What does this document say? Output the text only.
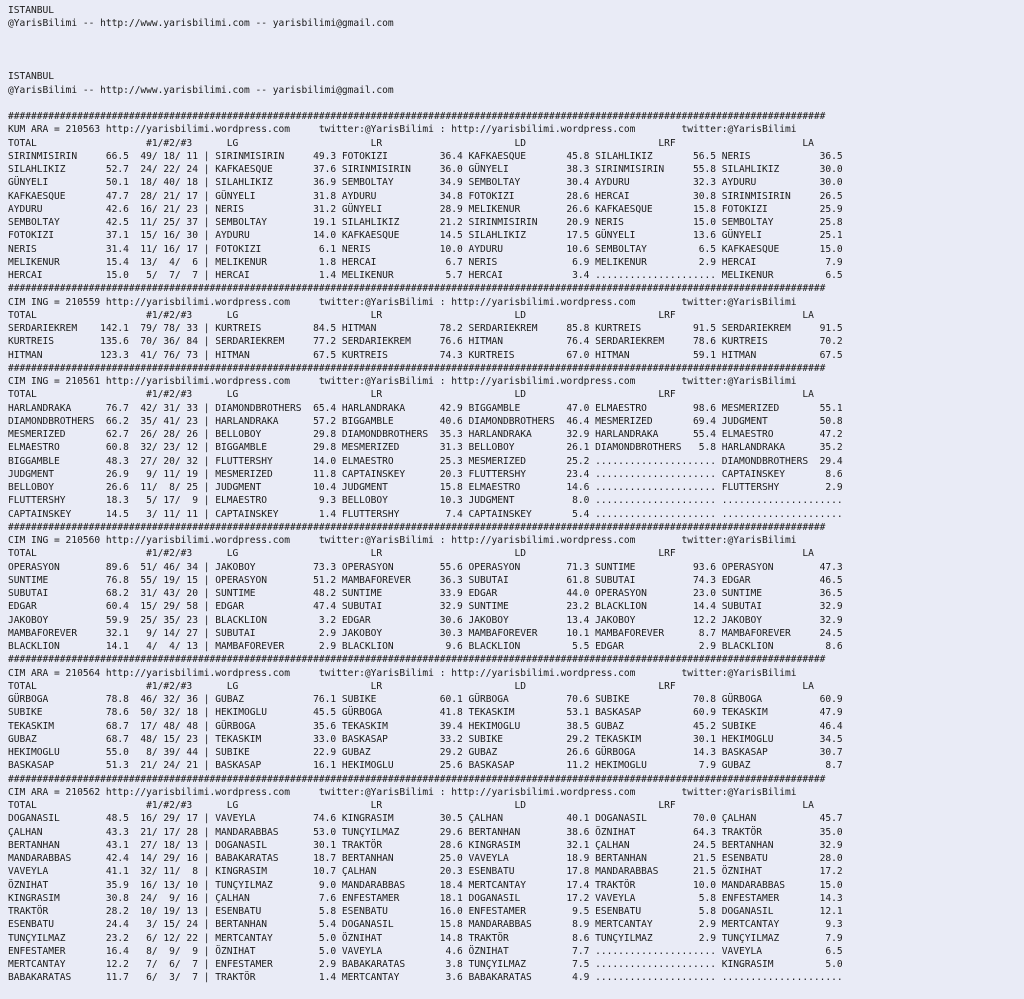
ISTANBUL
@YarisBilimi -- http://www.yarisbilimi.com -- yarisbilimi@gmail.com

ISTANBUL
@YarisBilimi -- http://www.yarisbilimi.com -- yarisbilimi@gmail.com

##############################################################################################################################################
KUM ARA = 210563 http://yarisbilimi.wordpress.com     twitter:@YarisBilimi : http://yarisbilimi.wordpress.com        twitter:@YarisBilimi
TOTAL                   #1/#2/#3      LG                       LR                       LD                       LRF                      LA
SIRINMISIRIN     66.5  49/ 18/ 11 | SIRINMISIRIN     49.3 FOTOKIZI         36.4 KAFKAESQUE       45.8 SILAHLIKIZ       56.5 NERIS            36.5
SILAHLIKIZ       52.7  24/ 22/ 24 | KAFKAESQUE       37.6 SIRINMISIRIN     36.0 GÜNYELI          38.3 SIRINMISIRIN     55.8 SILAHLIKIZ       30.0
GÜNYELI          50.1  18/ 40/ 18 | SILAHLIKIZ       36.9 SEMBOLTAY        34.9 SEMBOLTAY        30.4 AYDURU           32.3 AYDURU           30.0
KAFKAESQUE       47.7  28/ 21/ 17 | GÜNYELI          31.8 AYDURU           34.8 FOTOKIZI         28.6 HERCAI           30.8 SIRINMISIRIN     26.5
AYDURU           42.6  16/ 21/ 23 | NERIS            31.2 GÜNYELI          28.9 MELIKENUR        26.6 KAFKAESQUE       15.8 FOTOKIZI         25.9
SEMBOLTAY        42.5  11/ 25/ 37 | SEMBOLTAY        19.1 SILAHLIKIZ       21.2 SIRINMISIRIN     20.9 NERIS            15.0 SEMBOLTAY        25.8
FOTOKIZI         37.1  15/ 16/ 30 | AYDURU           14.0 KAFKAESQUE       14.5 SILAHLIKIZ       17.5 GÜNYELI          13.6 GÜNYELI          25.1
NERIS            31.4  11/ 16/ 17 | FOTOKIZI          6.1 NERIS            10.0 AYDURU           10.6 SEMBOLTAY         6.5 KAFKAESQUE       15.0
MELIKENUR        15.4  13/  4/  6 | MELIKENUR         1.8 HERCAI            6.7 NERIS             6.9 MELIKENUR         2.9 HERCAI            7.9
HERCAI           15.0   5/  7/  7 | HERCAI            1.4 MELIKENUR         5.7 HERCAI            3.4 ..................... MELIKENUR         6.5
##############################################################################################################################################
CIM ING = 210559 http://yarisbilimi.wordpress.com     twitter:@YarisBilimi : http://yarisbilimi.wordpress.com        twitter:@YarisBilimi
TOTAL                   #1/#2/#3      LG                       LR                       LD                       LRF                      LA
SERDARIEKREM    142.1  79/ 78/ 33 | KURTREIS         84.5 HITMAN           78.2 SERDARIEKREM     85.8 KURTREIS         91.5 SERDARIEKREM     91.5
KURTREIS        135.6  70/ 36/ 84 | SERDARIEKREM     77.2 SERDARIEKREM     76.6 HITMAN           76.4 SERDARIEKREM     78.6 KURTREIS         70.2
HITMAN          123.3  41/ 76/ 73 | HITMAN           67.5 KURTREIS         74.3 KURTREIS         67.0 HITMAN           59.1 HITMAN           67.5
##############################################################################################################################################
CIM ING = 210561 http://yarisbilimi.wordpress.com     twitter:@YarisBilimi : http://yarisbilimi.wordpress.com        twitter:@YarisBilimi
TOTAL                   #1/#2/#3      LG                       LR                       LD                       LRF                      LA
HARLANDRAKA      76.7  42/ 31/ 33 | DIAMONDBROTHERS  65.4 HARLANDRAKA      42.9 BIGGAMBLE        47.0 ELMAESTRO        98.6 MESMERIZED       55.1
DIAMONDBROTHERS  66.2  35/ 41/ 23 | HARLANDRAKA      57.2 BIGGAMBLE        40.6 DIAMONDBROTHERS  46.4 MESMERIZED       69.4 JUDGMENT         50.8
MESMERIZED       62.7  26/ 28/ 26 | BELLOBOY         29.8 DIAMONDBROTHERS  35.3 HARLANDRAKA      32.9 HARLANDRAKA      55.4 ELMAESTRO        47.2
ELMAESTRO        60.8  32/ 23/ 12 | BIGGAMBLE        29.8 MESMERIZED       31.3 BELLOBOY         26.1 DIAMONDBROTHERS   5.8 HARLANDRAKA      35.2
BIGGAMBLE        48.3  27/ 20/ 32 | FLUTTERSHY       14.0 ELMAESTRO        25.3 MESMERIZED       25.2 ..................... DIAMONDBROTHERS  29.4
JUDGMENT         26.9   9/ 11/ 19 | MESMERIZED       11.8 CAPTAINSKEY      20.3 FLUTTERSHY       23.4 ..................... CAPTAINSKEY       8.6
BELLOBOY         26.6  11/  8/ 25 | JUDGMENT         10.4 JUDGMENT         15.8 ELMAESTRO        14.6 ..................... FLUTTERSHY        2.9
FLUTTERSHY       18.3   5/ 17/  9 | ELMAESTRO         9.3 BELLOBOY         10.3 JUDGMENT          8.0 ..................... .....................
CAPTAINSKEY      14.5   3/ 11/ 11 | CAPTAINSKEY       1.4 FLUTTERSHY        7.4 CAPTAINSKEY       5.4 ..................... .....................
##############################################################################################################################################
CIM ING = 210560 http://yarisbilimi.wordpress.com     twitter:@YarisBilimi : http://yarisbilimi.wordpress.com        twitter:@YarisBilimi
TOTAL                   #1/#2/#3      LG                       LR                       LD                       LRF                      LA
OPERASYON        89.6  51/ 46/ 34 | JAKOBOY          73.3 OPERASYON        55.6 OPERASYON        71.3 SUNTIME          93.6 OPERASYON        47.3
SUNTIME          76.8  55/ 19/ 15 | OPERASYON        51.2 MAMBAFOREVER     36.3 SUBUTAI          61.8 SUBUTAI          74.3 EDGAR            46.5
SUBUTAI          68.2  31/ 43/ 20 | SUNTIME          48.2 SUNTIME          33.9 EDGAR            44.0 OPERASYON        23.0 SUNTIME          36.5
EDGAR            60.4  15/ 29/ 58 | EDGAR            47.4 SUBUTAI          32.9 SUNTIME          23.2 BLACKLION        14.4 SUBUTAI          32.9
JAKOBOY          59.9  25/ 35/ 23 | BLACKLION         3.2 EDGAR            30.6 JAKOBOY          13.4 JAKOBOY          12.2 JAKOBOY          32.9
MAMBAFOREVER     32.1   9/ 14/ 27 | SUBUTAI           2.9 JAKOBOY          30.3 MAMBAFOREVER     10.1 MAMBAFOREVER      8.7 MAMBAFOREVER     24.5
BLACKLION        14.1   4/  4/ 13 | MAMBAFOREVER      2.9 BLACKLION         9.6 BLACKLION         5.5 EDGAR             2.9 BLACKLION         8.6
##############################################################################################################################################
CIM ARA = 210564 http://yarisbilimi.wordpress.com     twitter:@YarisBilimi : http://yarisbilimi.wordpress.com        twitter:@YarisBilimi
TOTAL                   #1/#2/#3      LG                       LR                       LD                       LRF                      LA
GÜRBOGA          78.8  46/ 32/ 36 | GUBAZ            76.1 SUBIKE           60.1 GÜRBOGA          70.6 SUBIKE           70.8 GÜRBOGA          60.9
SUBIKE           78.6  50/ 32/ 18 | HEKIMOGLU        45.5 GÜRBOGA          41.8 TEKASKIM         53.1 BASKASAP         60.9 TEKASKIM         47.9
TEKASKIM         68.7  17/ 48/ 48 | GÜRBOGA          35.6 TEKASKIM         39.4 HEKIMOGLU        38.5 GUBAZ            45.2 SUBIKE           46.4
GUBAZ            68.7  48/ 15/ 23 | TEKASKIM         33.0 BASKASAP         33.2 SUBIKE           29.2 TEKASKIM         30.1 HEKIMOGLU        34.5
HEKIMOGLU        55.0   8/ 39/ 44 | SUBIKE           22.9 GUBAZ            29.2 GUBAZ            26.6 GÜRBOGA          14.3 BASKASAP         30.7
BASKASAP         51.3  21/ 24/ 21 | BASKASAP         16.1 HEKIMOGLU        25.6 BASKASAP         11.2 HEKIMOGLU         7.9 GUBAZ             8.7
##############################################################################################################################################
CIM ARA = 210562 http://yarisbilimi.wordpress.com     twitter:@YarisBilimi : http://yarisbilimi.wordpress.com        twitter:@YarisBilimi
TOTAL                   #1/#2/#3      LG                       LR                       LD                       LRF                      LA
DOGANASIL        48.5  16/ 29/ 17 | VAVEYLA          74.6 KINGRASIM        30.5 ÇALHAN           40.1 DOGANASIL        70.0 ÇALHAN           45.7
ÇALHAN           43.3  21/ 17/ 28 | MANDARABBAS      53.0 TUNÇYILMAZ       29.6 BERTANHAN        38.6 ÖZNIHAT          64.3 TRAKTÖR          35.0
BERTANHAN        43.1  27/ 18/ 13 | DOGANASIL        30.1 TRAKTÖR          28.6 KINGRASIM        32.1 ÇALHAN           24.5 BERTANHAN        32.9
MANDARABBAS      42.4  14/ 29/ 16 | BABAKARATAS      18.7 BERTANHAN        25.0 VAVEYLA          18.9 BERTANHAN        21.5 ESENBATU         28.0
VAVEYLA          41.1  32/ 11/  8 | KINGRASIM        10.7 ÇALHAN           20.3 ESENBATU         17.8 MANDARABBAS      21.5 ÖZNIHAT          17.2
ÖZNIHAT          35.9  16/ 13/ 10 | TUNÇYILMAZ        9.0 MANDARABBAS      18.4 MERTCANTAY       17.4 TRAKTÖR          10.0 MANDARABBAS      15.0
KINGRASIM        30.8  24/  9/ 16 | ÇALHAN            7.6 ENFESTAMER       18.1 DOGANASIL        17.2 VAVEYLA           5.8 ENFESTAMER       14.3
TRAKTÖR          28.2  10/ 19/ 13 | ESENBATU          5.8 ESENBATU         16.0 ENFESTAMER        9.5 ESENBATU          5.8 DOGANASIL        12.1
ESENBATU         24.4   3/ 15/ 24 | BERTANHAN         5.4 DOGANASIL        15.8 MANDARABBAS       8.9 MERTCANTAY        2.9 MERTCANTAY        9.3
TUNÇYILMAZ       23.2   6/ 12/ 22 | MERTCANTAY        5.0 ÖZNIHAT          14.8 TRAKTÖR           8.6 TUNÇYILMAZ        2.9 TUNÇYILMAZ        7.9
ENFESTAMER       16.4   8/  9/  9 | ÖZNIHAT           5.0 VAVEYLA           4.6 ÖZNIHAT           7.7 ..................... VAVEYLA           6.5
MERTCANTAY       12.2   7/  6/  7 | ENFESTAMER        2.9 BABAKARATAS       3.8 TUNÇYILMAZ        7.5 ..................... KINGRASIM         5.0
BABAKARATAS      11.7   6/  3/  7 | TRAKTÖR           1.4 MERTCANTAY        3.6 BABAKARATAS       4.9 ..................... .....................
